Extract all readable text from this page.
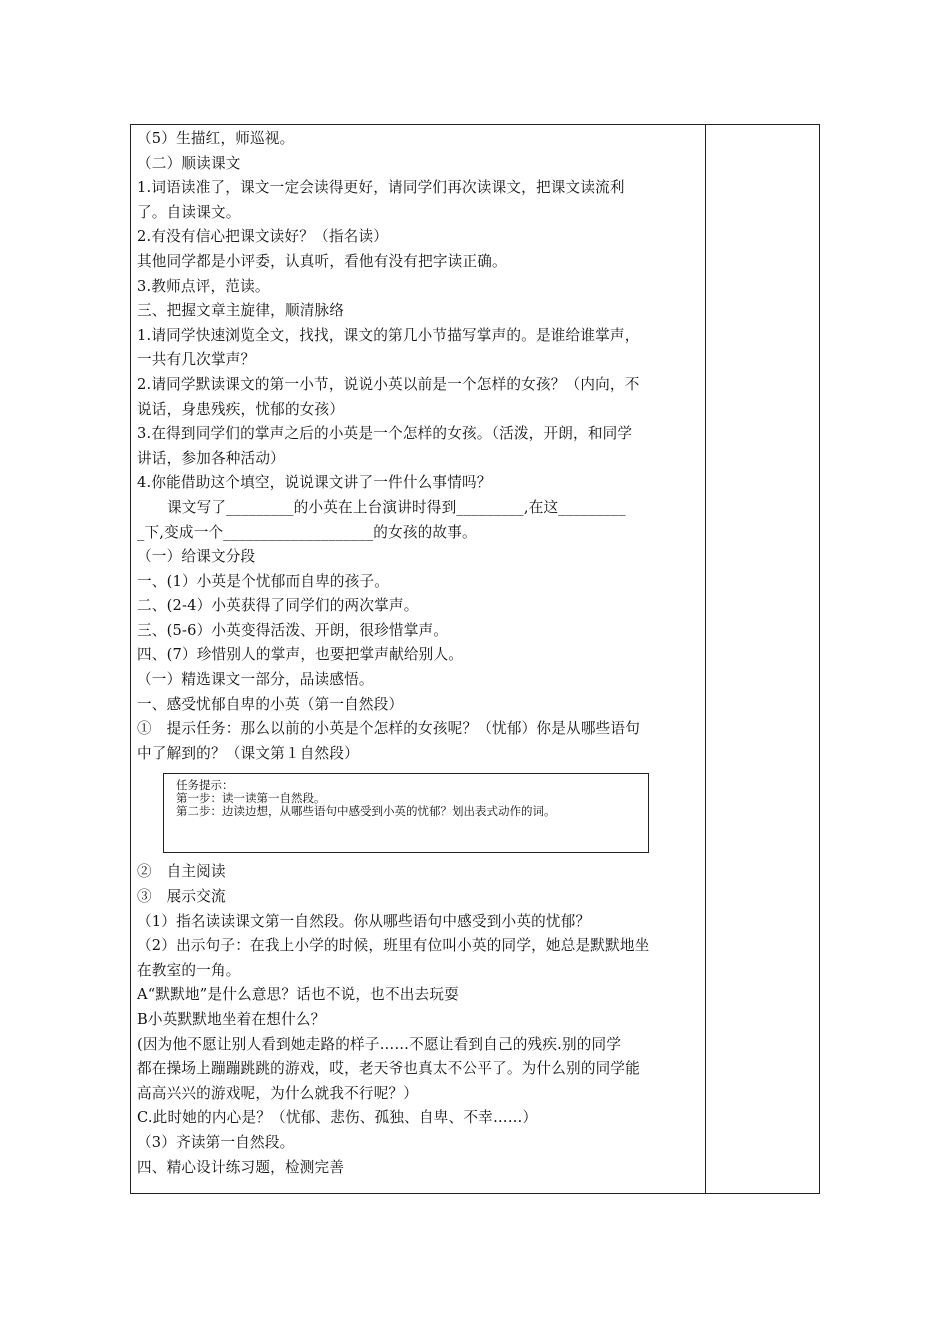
（5）生描红，师巡视。
（二）顺读课文
1.词语读准了，课文一定会读得更好，请同学们再次读课文，把课文读流利
了。自读课文。
2.有没有信心把课文读好？（指名读）
其他同学都是小评委，认真听，看他有没有把字读正确。
3.教师点评，范读。
三、把握文章主旋律，顺清脉络
1.请同学快速浏览全文，找找，课文的第几小节描写掌声的。是谁给谁掌声，
一共有几次掌声？
2.请同学默读课文的第一小节，说说小英以前是一个怎样的女孩？（内向，不
说话，身患残疾，忧郁的女孩）
3.在得到同学们的掌声之后的小英是一个怎样的女孩。（活泼，开朗，和同学
讲话，参加各种活动）
4.你能借助这个填空，说说课文讲了一件什么事情吗？
课文写了_________的小英在上台演讲时得到_________,在这_________
_下,变成一个____________________的女孩的故事。
（一）给课文分段
一、(1）小英是个忧郁而自卑的孩子。
二、(2-4）小英获得了同学们的两次掌声。
三、(5-6）小英变得活泼、开朗，很珍惜掌声。
四、(7）珍惜别人的掌声，也要把掌声献给别人。
（一）精选课文一部分，品读感悟。
一、感受忧郁自卑的小英（第一自然段）
①　提示任务：那么以前的小英是个怎样的女孩呢？（忧郁）你是从哪些语句
中了解到的？（课文第１自然段）
任务提示：
第一步：读一读第一自然段。
第二步：边读边想，从哪些语句中感受到小英的忧郁？划出表式动作的词。
②　自主阅读
③　展示交流
（1）指名读读课文第一自然段。你从哪些语句中感受到小英的忧郁？
（2）出示句子：在我上小学的时候，班里有位叫小英的同学，她总是默默地坐
在教室的一角。
A“默默地”是什么意思？话也不说，也不出去玩耍
B小英默默地坐着在想什么？
(因为他不愿让别人看到她走路的样子……不愿让看到自己的残疾.别的同学
都在操场上蹦蹦跳跳的游戏，哎，老天爷也真太不公平了。为什么别的同学能
高高兴兴的游戏呢，为什么就我不行呢？）
C.此时她的内心是？（忧郁、悲伤、孤独、自卑、不幸……）
（3）齐读第一自然段。
四、精心设计练习题，检测完善
